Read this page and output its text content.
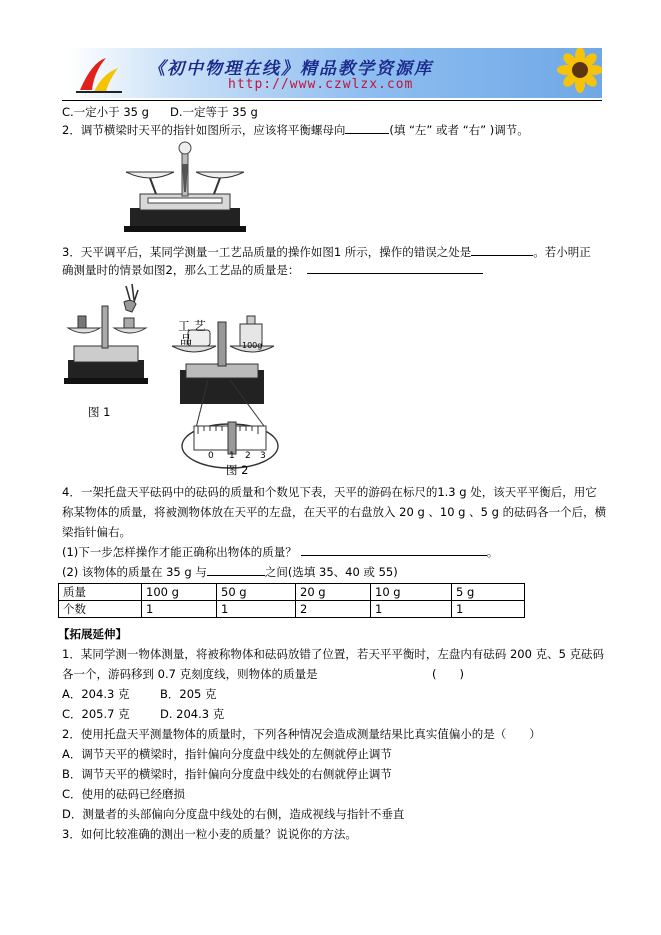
《初中物理在线》精品教学资源库
http://www.czwlzx.com
C.一定小于 35 g D.一定等于 35 g
2．调节横梁时天平的指针如图所示，应该将平衡螺母向	(填 “左” 或者 “右” )调节。
3．天平调平后，某同学测量一工艺品质量的操作如图1 所示，操作的错误之处是	。若小明正
确测量时的情景如图2，那么工艺品的质量是：
图 1
工 艺
品	100g
0 1 2 3
图 2
4．一架托盘天平砝码中的砝码的质量和个数见下表，天平的游码在标尺的1.3 g 处，该天平平衡后，用它
称某物体的质量，将被测物体放在天平的左盘，在天平的右盘放入 20 g 、10 g 、5 g 的砝码各一个后，横
梁指针偏右。
(1)下一步怎样操作才能正确称出物体的质量？	。
(2) 该物体的质量在 35 g 与	之间(选填 35、40 或 55)
质量	100 g	50 g	20 g	10 g	5 g
个数	1	1	2	1	1
【拓展延伸】
1．某同学测一物体测量，将被称物体和砝码放错了位置，若天平平衡时，左盘内有砝码 200 克、5 克砝码
各一个，游码移到 0.7 克刻度线，则物体的质量是	(　　)
A．204.3 克	B．205 克
C．205.7 克	D. 204.3 克
2．使用托盘天平测量物体的质量时，下列各种情况会造成测量结果比真实值偏小的是（　　）
A．调节天平的横梁时，指针偏向分度盘中线处的左侧就停止调节
B．调节天平的横梁时，指针偏向分度盘中线处的右侧就停止调节
C．使用的砝码已经磨损
D．测量者的头部偏向分度盘中线处的右侧，造成视线与指针不垂直
3．如何比较准确的测出一粒小麦的质量？说说你的方法。
